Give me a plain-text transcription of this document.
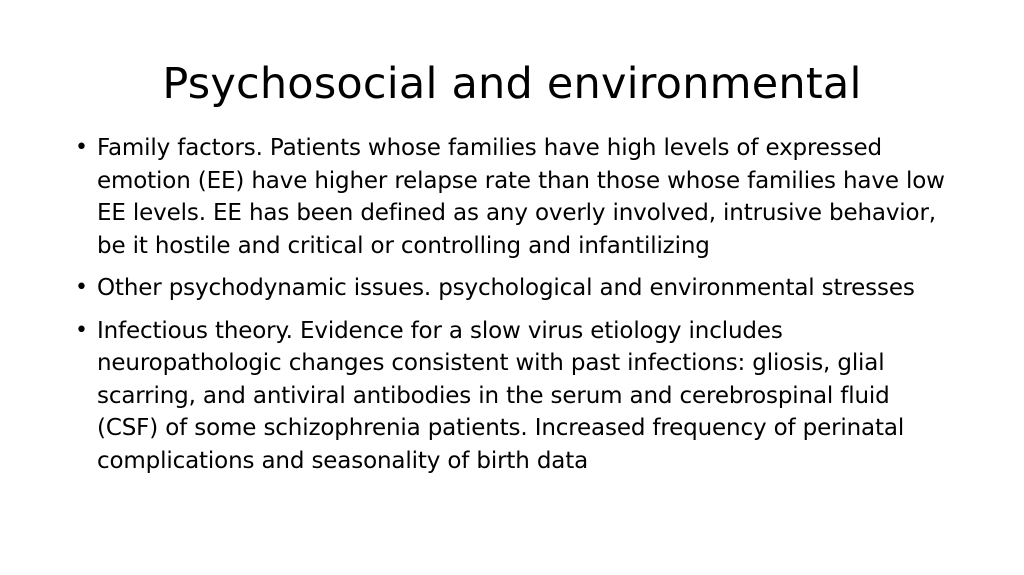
Psychosocial and environmental
• Family factors. Patients whose families have high levels of expressed emotion (EE) have higher relapse rate than those whose families have low EE levels. EE has been defined as any overly involved, intrusive behavior, be it hostile and critical or controlling and infantilizing
• Other psychodynamic issues. psychological and environmental stresses
• Infectious theory. Evidence for a slow virus etiology includes neuropathologic changes consistent with past infections: gliosis, glial scarring, and antiviral antibodies in the serum and cerebrospinal fluid (CSF) of some schizophrenia patients. Increased frequency of perinatal complications and seasonality of birth data
